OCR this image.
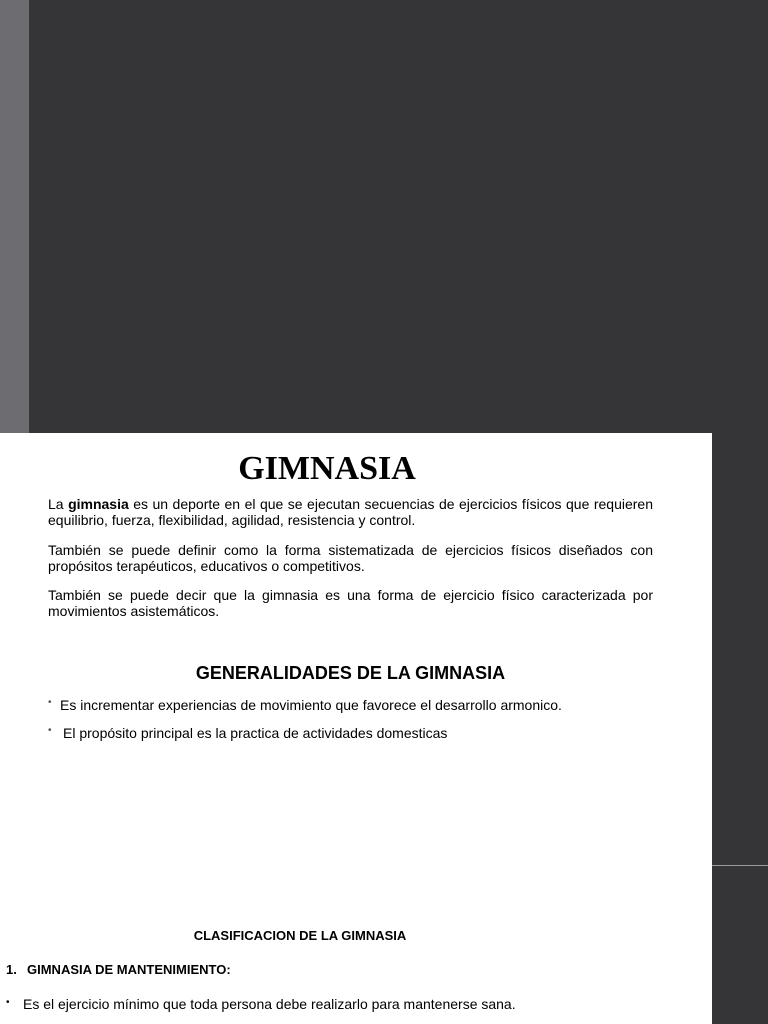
GIMNASIA

La gimnasia es un deporte en el que se ejecutan secuencias de ejercicios físicos que requieren equilibrio, fuerza, flexibilidad, agilidad, resistencia y control.

También se puede definir como la forma sistematizada de ejercicios físicos diseñados con propósitos terapéuticos, educativos o competitivos.

También se puede decir que la gimnasia es una forma de ejercicio físico caracterizada por movimientos asistemáticos.

GENERALIDADES DE LA GIMNASIA
• Es incrementar experiencias de movimiento que favorece el desarrollo armonico.
• El propósito principal es la practica de actividades domesticas
CLASIFICACION DE LA GIMNASIA

1. GIMNASIA DE MANTENIMIENTO:

• Es el ejercicio mínimo que toda persona debe realizarlo para mantenerse sana.
